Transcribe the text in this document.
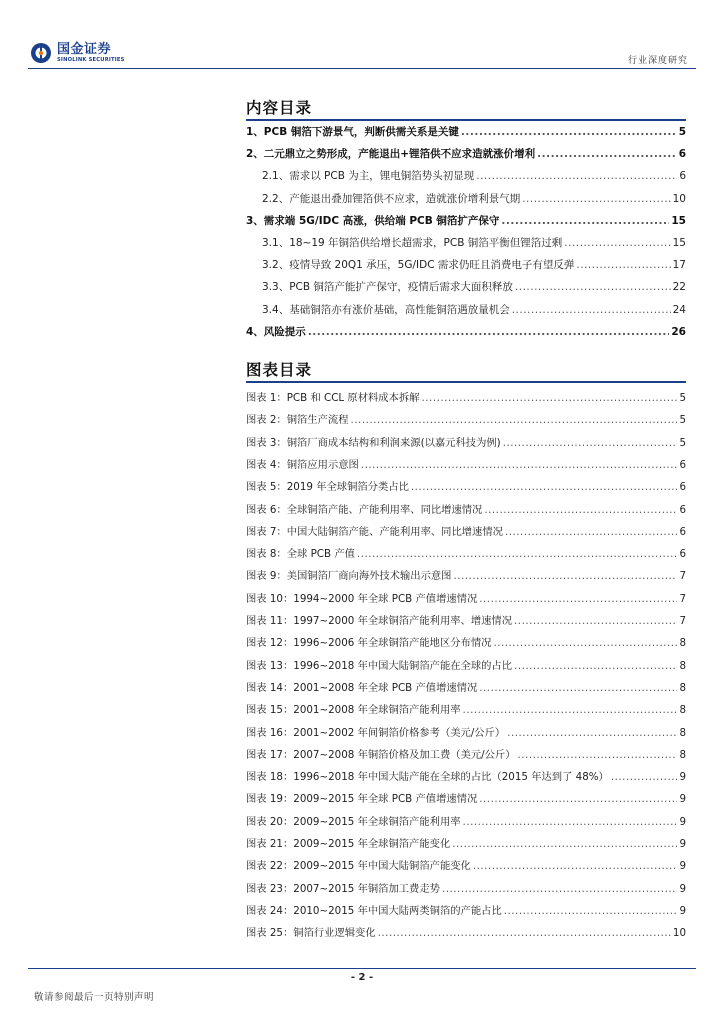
国金证券
SINOLINK SECURITIES	行业深度研究
内容目录
1、PCB 铜箔下游景气，判断供需关系是关键 .....	5
2、二元鼎立之势形成，产能退出+锂箔供不应求造就涨价增利 .....	6
2.1、需求以 PCB 为主，锂电铜箔势头初显现 .....	6
2.2、产能退出叠加锂箔供不应求，造就涨价增利景气期 .....	10
3、需求端 5G/IDC 高涨，供给端 PCB 铜箔扩产保守 .....	15
3.1、18~19 年铜箔供给增长超需求，PCB 铜箔平衡但锂箔过剩 .....	15
3.2、疫情导致 20Q1 承压，5G/IDC 需求仍旺且消费电子有望反弹 .....	17
3.3、PCB 铜箔产能扩产保守，疫情后需求大面积释放 .....	22
3.4、基础铜箔亦有涨价基础，高性能铜箔遇放量机会 .....	24
4、风险提示 .....	26
图表目录
图表 1：PCB 和 CCL 原材料成本拆解 .....	5
图表 2：铜箔生产流程 .....	5
图表 3：铜箔厂商成本结构和利润来源(以嘉元科技为例) .....	5
图表 4：铜箔应用示意图 .....	6
图表 5：2019 年全球铜箔分类占比 .....	6
图表 6：全球铜箔产能、产能利用率、同比增速情况 .....	6
图表 7：中国大陆铜箔产能、产能利用率、同比增速情况 .....	6
图表 8：全球 PCB 产值 .....	6
图表 9：美国铜箔厂商向海外技术输出示意图 .....	7
图表 10：1994~2000 年全球 PCB 产值增速情况 .....	7
图表 11：1997~2000 年全球铜箔产能利用率、增速情况 .....	7
图表 12：1996~2006 年全球铜箔产能地区分布情况 .....	8
图表 13：1996~2018 年中国大陆铜箔产能在全球的占比 .....	8
图表 14：2001~2008 年全球 PCB 产值增速情况 .....	8
图表 15：2001~2008 年全球铜箔产能利用率 .....	8
图表 16：2001~2002 年间铜箔价格参考（美元/公斤） .....	8
图表 17：2007~2008 年铜箔价格及加工费（美元/公斤） .....	8
图表 18：1996~2018 年中国大陆产能在全球的占比（2015 年达到了 48%） .....	9
图表 19：2009~2015 年全球 PCB 产值增速情况 .....	9
图表 20：2009~2015 年全球铜箔产能利用率 .....	9
图表 21：2009~2015 年全球铜箔产能变化 .....	9
图表 22：2009~2015 年中国大陆铜箔产能变化 .....	9
图表 23：2007~2015 年铜箔加工费走势 .....	9
图表 24：2010~2015 年中国大陆两类铜箔的产能占比 .....	9
图表 25：铜箔行业逻辑变化 .....	10
- 2 -
敬请参阅最后一页特别声明
